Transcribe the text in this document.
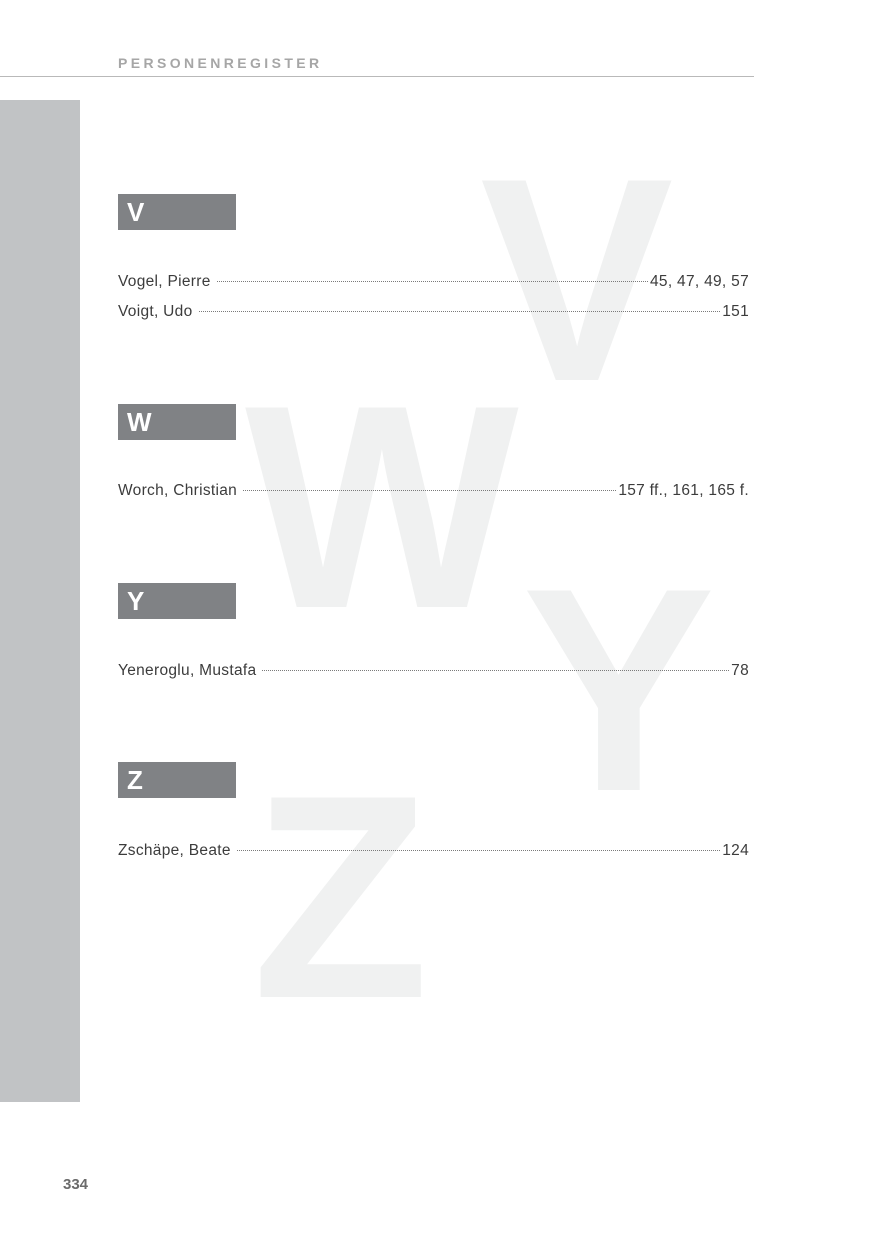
PERSONENREGISTER
V
W
Y
Z
V
Vogel, Pierre	45, 47, 49, 57
Voigt, Udo	151
W
Worch, Christian	157 ff., 161, 165 f.
Y
Yeneroglu, Mustafa	78
Z
Zschäpe, Beate	124
334
